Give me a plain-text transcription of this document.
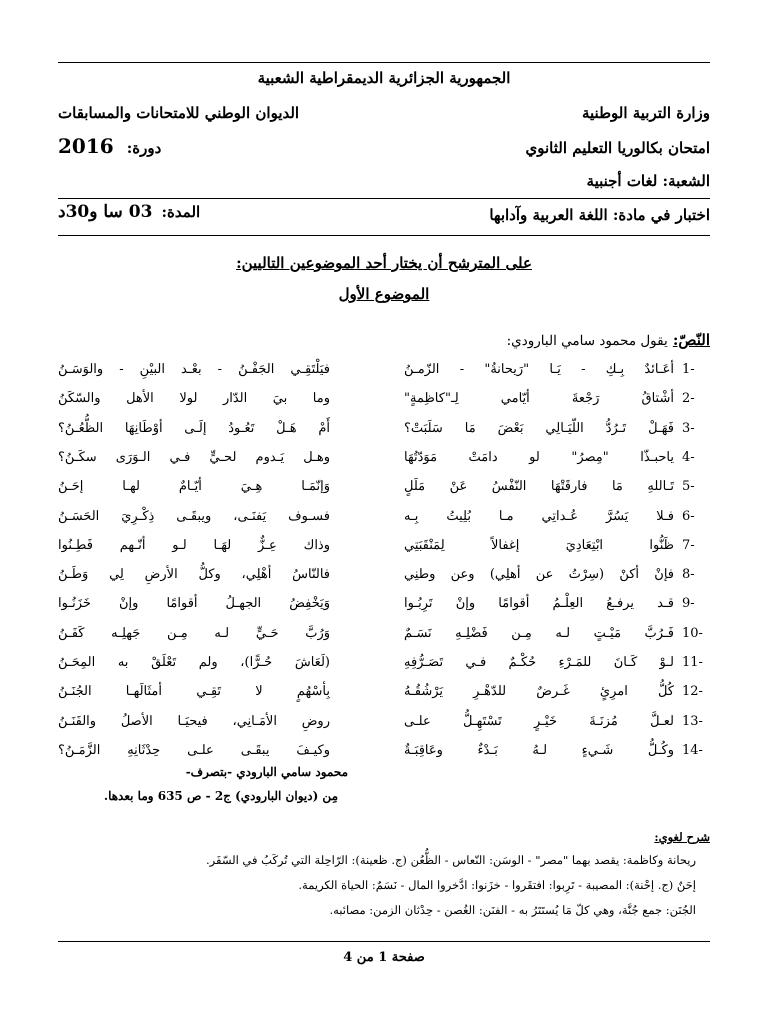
الجمهورية الجزائرية الديمقراطية الشعبية
وزارة التربية الوطنية
الديوان الوطني للامتحانات والمسابقات
امتحان بكالوريا التعليم الثانوي
دورة: 2016
الشعبة: لغات أجنبية
اختبار في مادة: اللغة العربية وآدابها
المدة: 03 سا و30د
على المترشح أن يختار أحد الموضوعين التاليين:
الموضوع الأول
النّصّ: يقول محمود سامي البارودي:
1-
أعَـائدٌ بِـكِ - يَـا "رَيحانةُ" - الزّمـنُ
فيَلْتَقِـي الجَفْـنُ - بعْـد البيْنِ - والوَسَـنُ
2-
أشْتاقُ رَجْعةَ أيّامي لِـ"كاظِمةٍ"
وما بيَ الدّار لولا الأهل والسّكَنُ
3-
فَهَـلْ تَـرُدُّ اللّيَـالِي بَعْضَ مَا سَلَبَتْ؟
أَمْ هَـلْ تَعُـودُ إلَـى أوْطَانِهَا الظُّعُـنُ؟
4-
ياحبـذّا "مِصرُ" لو دامَتْ مَوَدّتُهَا
وهـل يَـدوم لحـيٍّ فـي الـوَرَى سكَـنُ؟
5-
تَـاللهِ مَا فارقَتْهَا النّفْسُ عَنْ مَلَلٍ
وَإنّمَـا هِـيَ أيّـامٌ لهـا إحَـنُ
6-
فـلا يَسُرَّ عُـداتِي مـا بُلِيتُ بِـه
فسـوف يَفنَـى، ويبقَـى ذِكْـرِيَ الحَسَـنُ
7-
ظَنُّوا ابْتِعَادِيَ إغفالاً لِمَنْقَبَتِي
وذاك عِـزٌّ لهَـا لـو أنّـهم فَطِـنُوا
8-
فإنْ أكنْ (سِرْتُ عن أهلِي) وعن وطنِي
فالنّاسُ أهْلِي، وكلُّ الأرضِ لِي وَطَـنُ
9-
قـد يرفـعُ العِلْـمُ أقوامًا وإنْ تَرِبُـوا
وَيَخْفِضُ الجهـلُ أقوامًا وإنْ خَزَنُـوا
10-
فَـرُبَّ مَيْـتٍ لـه مِـن فَضْلِـهِ نَسَـمٌ
وَرُبَّ حَـيٍّ لـه مِـن جَهلِـه كَفَـنُ
11-
لـوْ كَـانَ للمَـرْءِ حُكْـمٌ فـي تَصَـرُّفِهِ
(لَعَاشَ حُـرًّا)، ولم تَعْلَقْ به المِحَـنُ
12-
كُلُّ امرِئٍ غَـرضٌ للدّهْـرِ يَرْشُقُـهُ
بِأسْهُمٍ لا تَقِـي أمثَالَهـا الجُنَـنُ
13-
لعـلَّ مُزنَـةَ خَيْـرٍ تَسْتَهِـلُّ علـى
روضِ الأمَـانِي، فيحيَـا الأصلُ والفَنَـنُ
14-
وكُـلُّ شَـيءٍ لـهُ بَـدْءٌ وعَاقِبَـةٌ
وكيـفَ يبقَـى علـى حِدْثَانِهِ الزَّمَـنُ؟
محمود سامي البارودي -بتصرف-
مِن (ديوان البارودي) ج2 - ص 635 وما بعدها.
شرح لغوي:
ريحانة وكاظمة: يقصد بهما "مصر" - الوسَن: النّعاس - الظُّعُن (ج. ظعينة): الرّاحِلة التي تُركَبُ في السّفَر.
إحَنٌ (ج. إحْنة): المصيبة - تَرِبوا: افتقَروا - خزَنوا: ادَّخروا المال - نَسَمٌ: الحياة الكريمة.
الجُنَن: جمع جُنَّة، وهي كلّ مَا يُستَتَرُ به - الفنَن: الغُصن - حِدْثان الزمن: مصائبه.
صفحة 1 من 4
